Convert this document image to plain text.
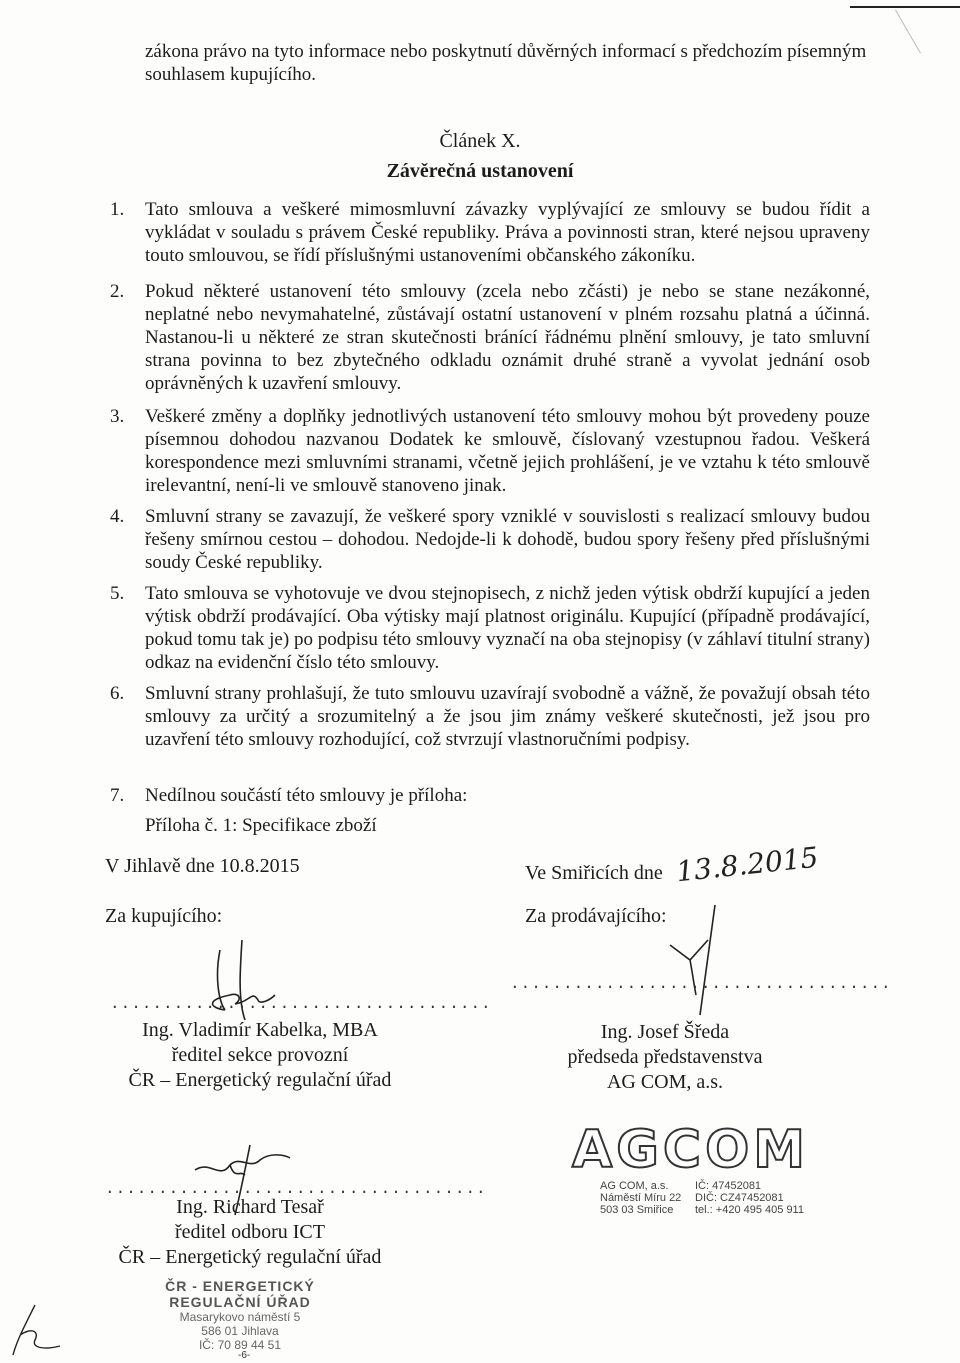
zákona právo na tyto informace nebo poskytnutí důvěrných informací s předchozím písemným souhlasem kupujícího.
Článek X.
Závěrečná ustanovení
1.	Tato smlouva a veškeré mimosmluvní závazky vyplývající ze smlouvy se budou řídit a vykládat v souladu s právem České republiky. Práva a povinnosti stran, které nejsou upraveny touto smlouvou, se řídí příslušnými ustanoveními občanského zákoníku.
2.	Pokud některé ustanovení této smlouvy (zcela nebo zčásti) je nebo se stane nezákonné, neplatné nebo nevymahatelné, zůstávají ostatní ustanovení v plném rozsahu platná a účinná. Nastanou-li u některé ze stran skutečnosti bránící řádnému plnění smlouvy, je tato smluvní strana povinna to bez zbytečného odkladu oznámit druhé straně a vyvolat jednání osob oprávněných k uzavření smlouvy.
3.	Veškeré změny a doplňky jednotlivých ustanovení této smlouvy mohou být provedeny pouze písemnou dohodou nazvanou Dodatek ke smlouvě, číslovaný vzestupnou řadou. Veškerá korespondence mezi smluvními stranami, včetně jejich prohlášení, je ve vztahu k této smlouvě irelevantní, není-li ve smlouvě stanoveno jinak.
4.	Smluvní strany se zavazují, že veškeré spory vzniklé v souvislosti s realizací smlouvy budou řešeny smírnou cestou – dohodou. Nedojde-li k dohodě, budou spory řešeny před příslušnými soudy České republiky.
5.	Tato smlouva se vyhotovuje ve dvou stejnopisech, z nichž jeden výtisk obdrží kupující a jeden výtisk obdrží prodávající. Oba výtisky mají platnost originálu. Kupující (případně prodávající, pokud tomu tak je) po podpisu této smlouvy vyznačí na oba stejnopisy (v záhlaví titulní strany) odkaz na evidenční číslo této smlouvy.
6.	Smluvní strany prohlašují, že tuto smlouvu uzavírají svobodně a vážně, že považují obsah této smlouvy za určitý a srozumitelný a že jsou jim známy veškeré skutečnosti, jež jsou pro uzavření této smlouvy rozhodující, což stvrzují vlastnoručními podpisy.
7.	Nedílnou součástí této smlouvy je příloha:
Příloha č. 1: Specifikace zboží
V Jihlavě dne 10.8.2015	Ve Smiřicích dne 13.8.2015
Za kupujícího:	Za prodávajícího:
....................................
Ing. Vladimír Kabelka, MBA
ředitel sekce provozní
ČR – Energetický regulační úřad
....................................
Ing. Josef Šředa
předseda představenstva
AG COM, a.s.
AGCOM
AG COM, a.s. IČ: 47452081
Náměstí Míru 22 DIČ: CZ47452081
503 03 Smiřice tel.: +420 495 405 911
....................................
Ing. Richard Tesař
ředitel odboru ICT
ČR – Energetický regulační úřad
ČR - ENERGETICKÝ REGULAČNÍ ÚŘAD
Masarykovo náměstí 5
586 01 Jihlava
IČ: 70 89 44 51
-6-
